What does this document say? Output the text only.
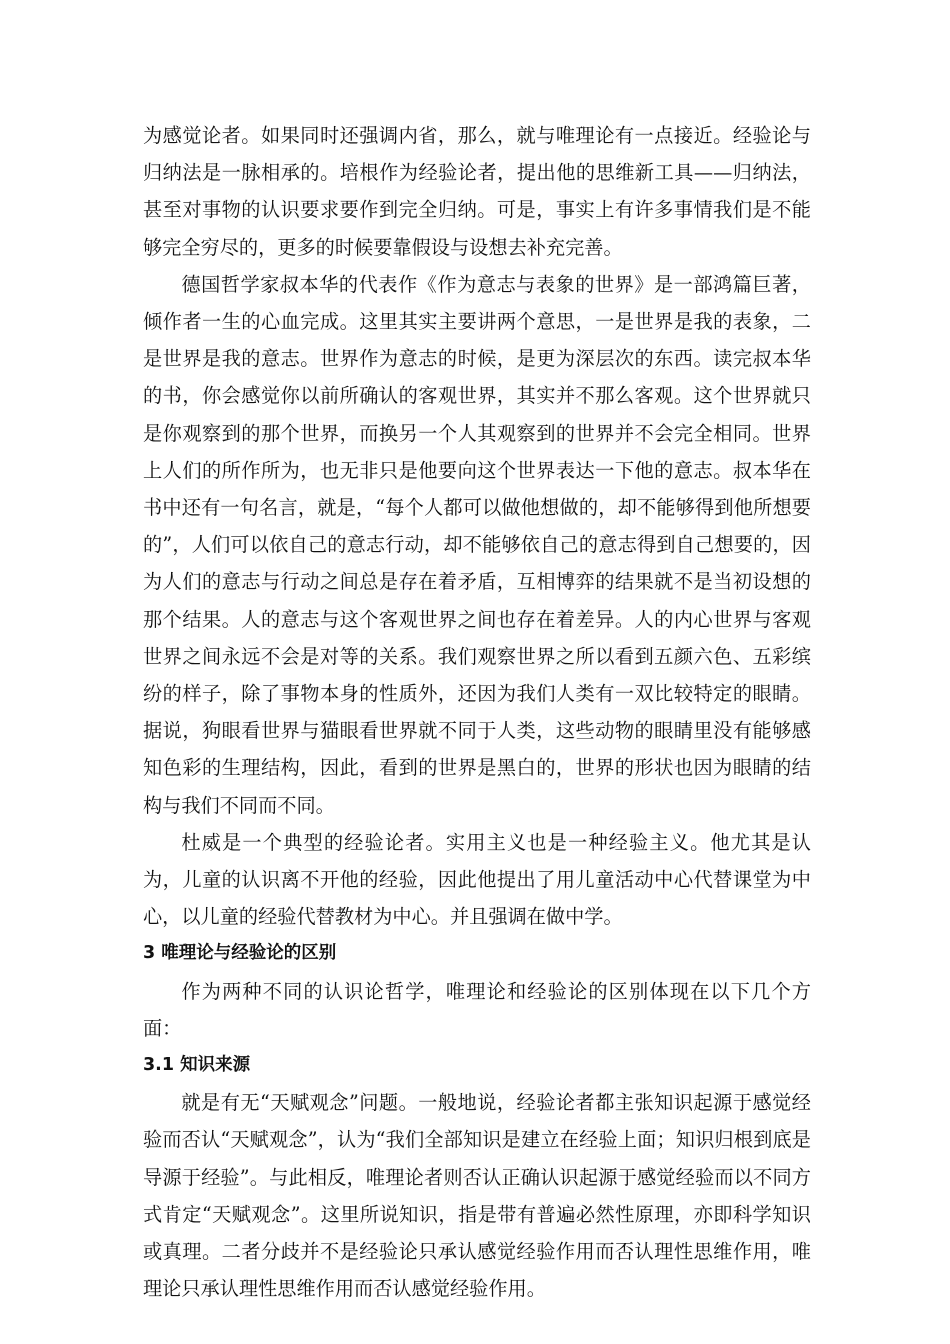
为感觉论者。如果同时还强调内省，那么，就与唯理论有一点接近。经验论与归纳法是一脉相承的。培根作为经验论者，提出他的思维新工具——归纳法，甚至对事物的认识要求要作到完全归纳。可是，事实上有许多事情我们是不能够完全穷尽的，更多的时候要靠假设与设想去补充完善。

德国哲学家叔本华的代表作《作为意志与表象的世界》是一部鸿篇巨著，倾作者一生的心血完成。这里其实主要讲两个意思，一是世界是我的表象，二是世界是我的意志。世界作为意志的时候，是更为深层次的东西。读完叔本华的书，你会感觉你以前所确认的客观世界，其实并不那么客观。这个世界就只是你观察到的那个世界，而换另一个人其观察到的世界并不会完全相同。世界上人们的所作所为，也无非只是他要向这个世界表达一下他的意志。叔本华在书中还有一句名言，就是，“每个人都可以做他想做的，却不能够得到他所想要的”，人们可以依自己的意志行动，却不能够依自己的意志得到自己想要的，因为人们的意志与行动之间总是存在着矛盾，互相博弈的结果就不是当初设想的那个结果。人的意志与这个客观世界之间也存在着差异。人的内心世界与客观世界之间永远不会是对等的关系。我们观察世界之所以看到五颜六色、五彩缤纷的样子，除了事物本身的性质外，还因为我们人类有一双比较特定的眼睛。据说，狗眼看世界与猫眼看世界就不同于人类，这些动物的眼睛里没有能够感知色彩的生理结构，因此，看到的世界是黑白的，世界的形状也因为眼睛的结构与我们不同而不同。

杜威是一个典型的经验论者。实用主义也是一种经验主义。他尤其是认为，儿童的认识离不开他的经验，因此他提出了用儿童活动中心代替课堂为中心，以儿童的经验代替教材为中心。并且强调在做中学。

3 唯理论与经验论的区别

作为两种不同的认识论哲学，唯理论和经验论的区别体现在以下几个方面：

3.1 知识来源

就是有无“天赋观念”问题。一般地说，经验论者都主张知识起源于感觉经验而否认“天赋观念”，认为“我们全部知识是建立在经验上面；知识归根到底是导源于经验”。与此相反，唯理论者则否认正确认识起源于感觉经验而以不同方式肯定“天赋观念”。这里所说知识，指是带有普遍必然性原理，亦即科学知识或真理。二者分歧并不是经验论只承认感觉经验作用而否认理性思维作用，唯理论只承认理性思维作用而否认感觉经验作用。
